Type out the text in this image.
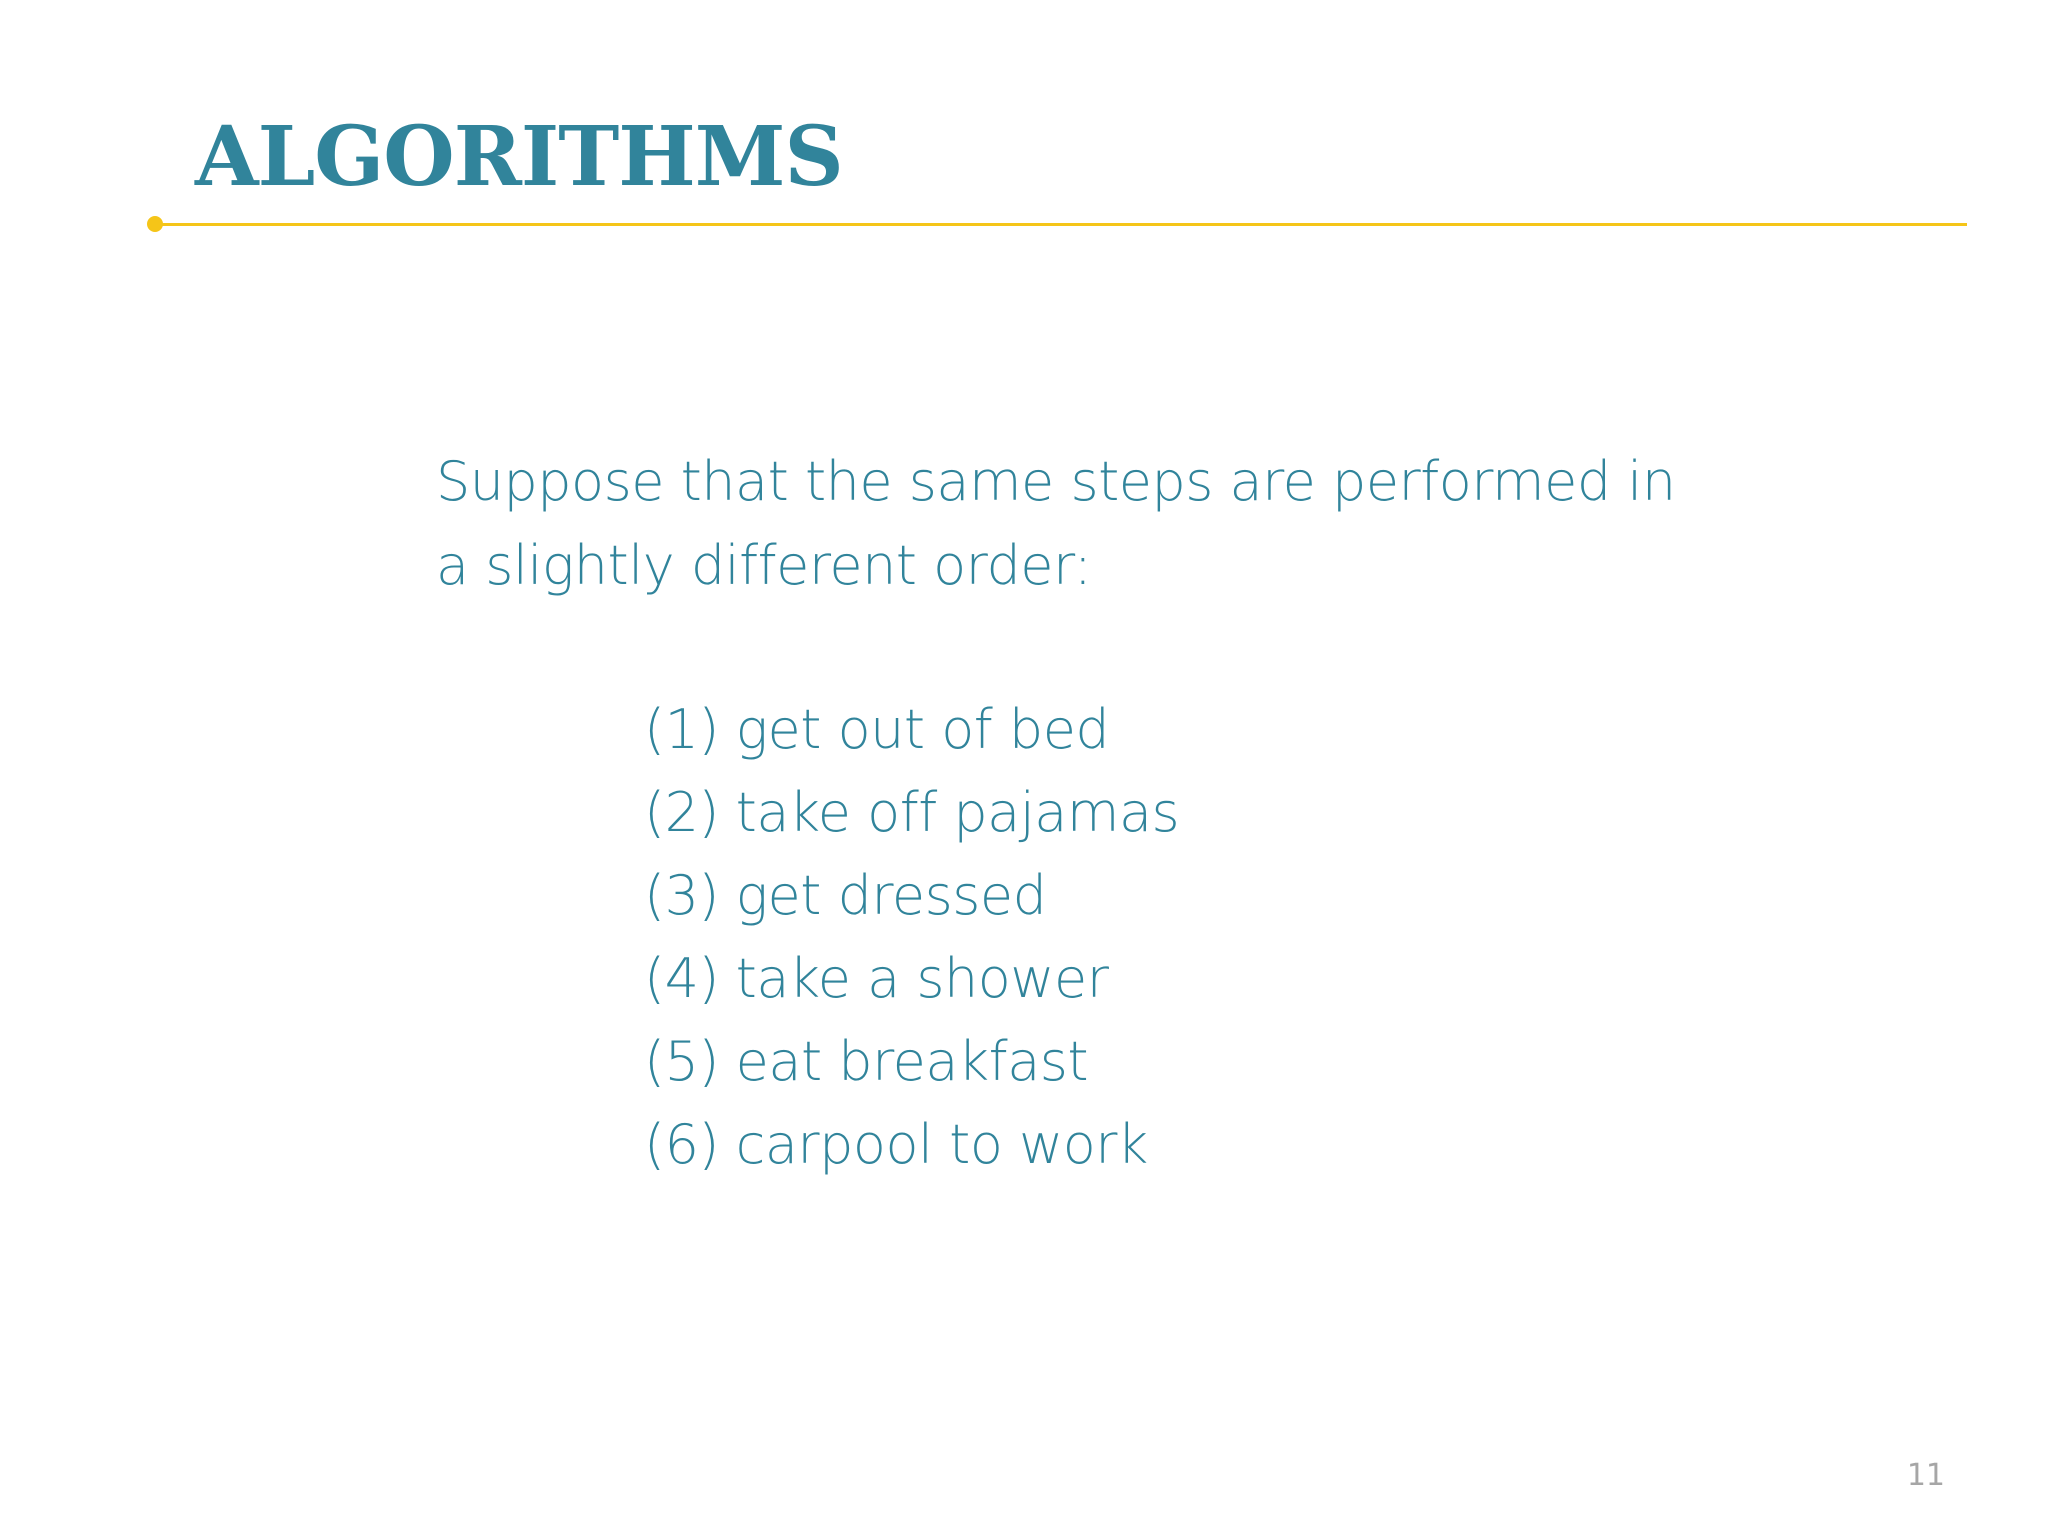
ALGORITHMS

Suppose that the same steps are performed in a slightly different order:

(1) get out of bed
(2) take off pajamas
(3) get dressed
(4) take a shower
(5) eat breakfast
(6) carpool to work
11
